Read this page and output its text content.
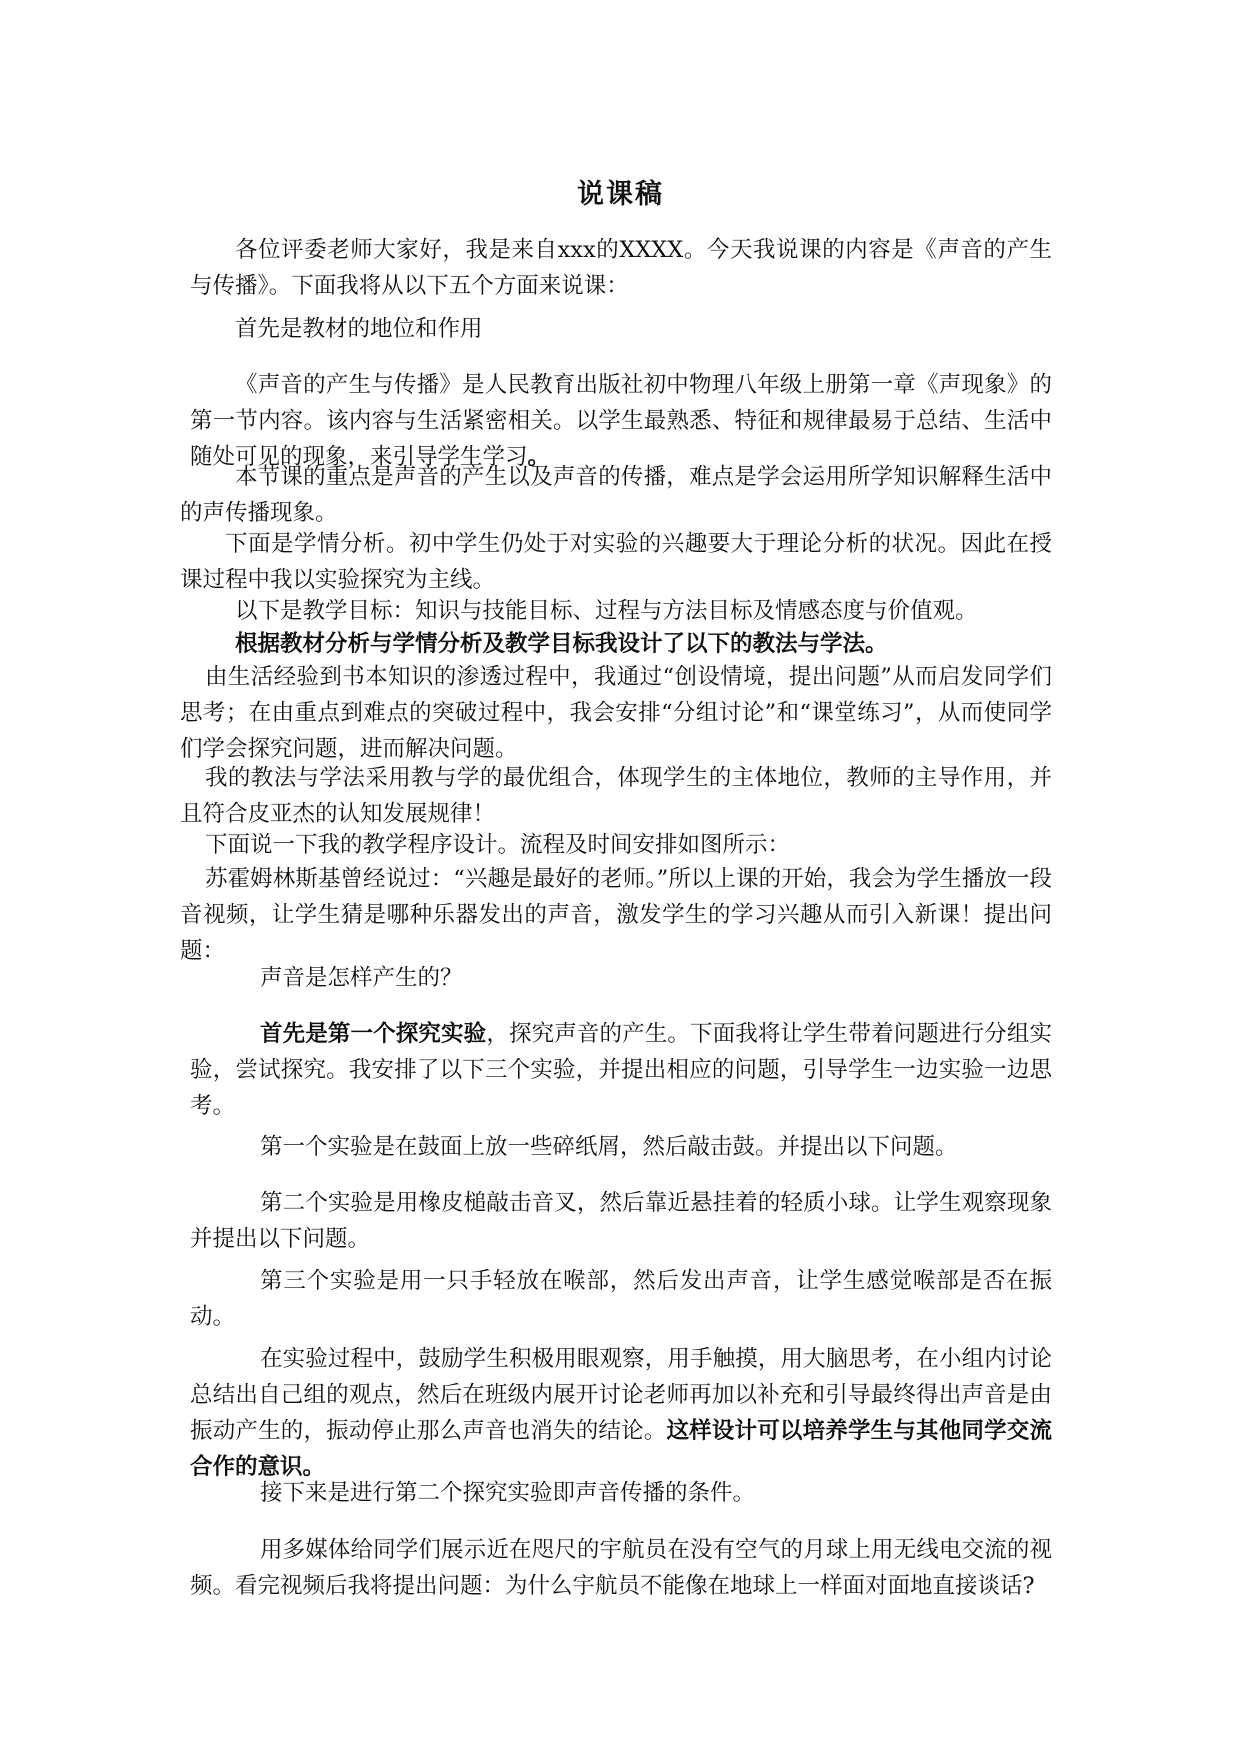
说课稿

各位评委老师大家好，我是来自xxx的XXXX。今天我说课的内容是《声音的产生与传播》。下面我将从以下五个方面来说课：

首先是教材的地位和作用

《声音的产生与传播》是人民教育出版社初中物理八年级上册第一章《声现象》的第一节内容。该内容与生活紧密相关。以学生最熟悉、特征和规律最易于总结、生活中随处可见的现象，来引导学生学习。

本节课的重点是声音的产生以及声音的传播，难点是学会运用所学知识解释生活中的声传播现象。

下面是学情分析。初中学生仍处于对实验的兴趣要大于理论分析的状况。因此在授课过程中我以实验探究为主线。

以下是教学目标：知识与技能目标、过程与方法目标及情感态度与价值观。

根据教材分析与学情分析及教学目标我设计了以下的教法与学法。

由生活经验到书本知识的渗透过程中，我通过“创设情境，提出问题”从而启发同学们思考；在由重点到难点的突破过程中，我会安排“分组讨论”和“课堂练习”，从而使同学们学会探究问题，进而解决问题。

我的教法与学法采用教与学的最优组合，体现学生的主体地位，教师的主导作用，并且符合皮亚杰的认知发展规律！

下面说一下我的教学程序设计。流程及时间安排如图所示：

苏霍姆林斯基曾经说过：“兴趣是最好的老师。”所以上课的开始，我会为学生播放一段音视频，让学生猜是哪种乐器发出的声音，激发学生的学习兴趣从而引入新课！提出问题：

声音是怎样产生的？

首先是第一个探究实验，探究声音的产生。下面我将让学生带着问题进行分组实验，尝试探究。我安排了以下三个实验，并提出相应的问题，引导学生一边实验一边思考。

第一个实验是在鼓面上放一些碎纸屑，然后敲击鼓。并提出以下问题。

第二个实验是用橡皮槌敲击音叉，然后靠近悬挂着的轻质小球。让学生观察现象并提出以下问题。

第三个实验是用一只手轻放在喉部，然后发出声音，让学生感觉喉部是否在振动。

在实验过程中，鼓励学生积极用眼观察，用手触摸，用大脑思考，在小组内讨论总结出自己组的观点，然后在班级内展开讨论老师再加以补充和引导最终得出声音是由振动产生的，振动停止那么声音也消失的结论。这样设计可以培养学生与其他同学交流合作的意识。

接下来是进行第二个探究实验即声音传播的条件。

用多媒体给同学们展示近在咫尺的宇航员在没有空气的月球上用无线电交流的视频。看完视频后我将提出问题：为什么宇航员不能像在地球上一样面对面地直接谈话?
